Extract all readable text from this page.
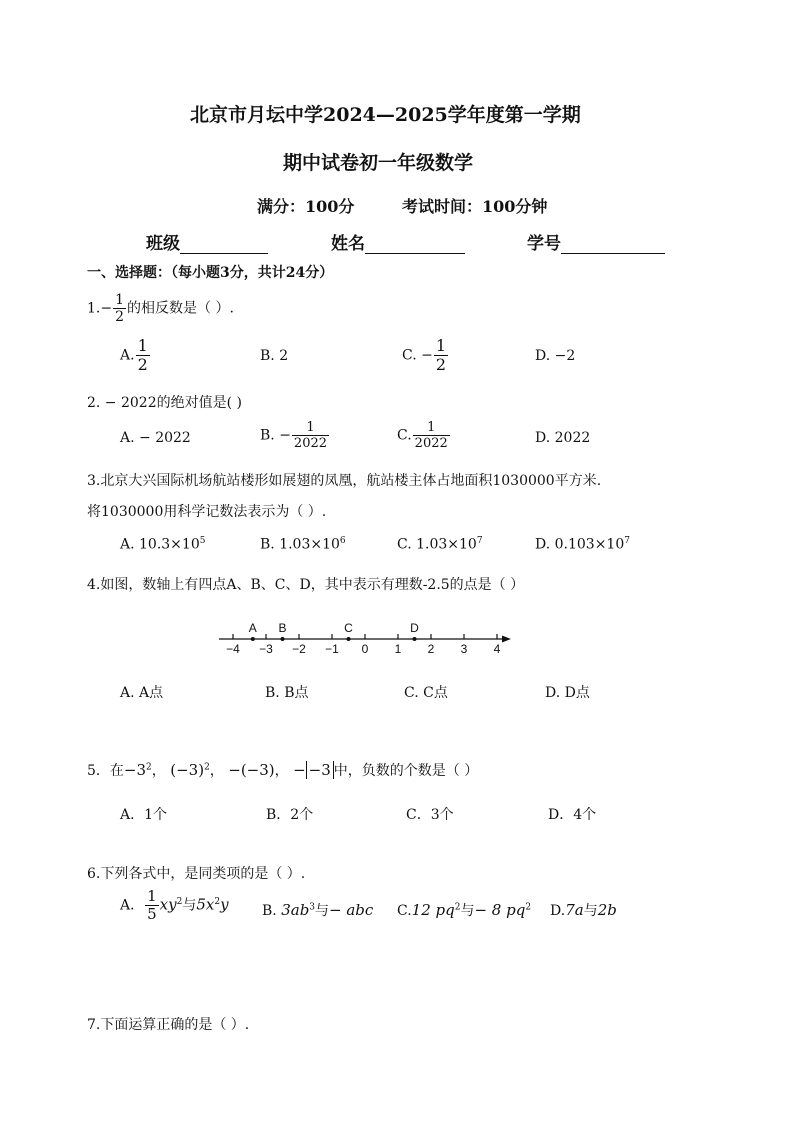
北京市月坛中学2024—2025学年度第一学期
期中试卷初一年级数学
满分：100分	考试时间：100分钟
班级	姓名	学号
一、选择题：（每小题3分，共计24分）
$1.- \frac{1}{2}$ 的相反数是（ ）.
A. $\frac{1}{2}$	B. 2	C. − $\frac{1}{2}$	D. −2
2. − 2022的绝对值是( )
A. − 2022	B. − $\frac{1}{2022}$	C. $\frac{1}{2022}$	D. 2022
3.北京大兴国际机场航站楼形如展翅的凤凰，航站楼主体占地面积1030000平方米.
将1030000用科学记数法表示为（ ）.
A. $10.3\times 10^5$	B. $1.03\times 10^6$	C. $1.03\times 10^7$	D. $0.103\times 10^7$
4.如图，数轴上有四点A、B、C、D，其中表示有理数-2.5的点是（ ）
−4 −3 −2 −1 0 1 2 3 4
A B	C	D
A. A点	B. B点	C. C点	D. D点
5．在$-3^2$， $(-3)^2$， −(−3)， − −3 中，负数的个数是（ ）
A．1个	B．2个	C．3个	D．4个
6.下列各式中，是同类项的是（ ）.
A． $\frac{1}{5} xy^2$与$5x^2y$ B. $3ab^3$与− abc C.12 $pq^2$与− 8 $pq^2$ D.7a与2b
7.下面运算正确的是（ ）.
